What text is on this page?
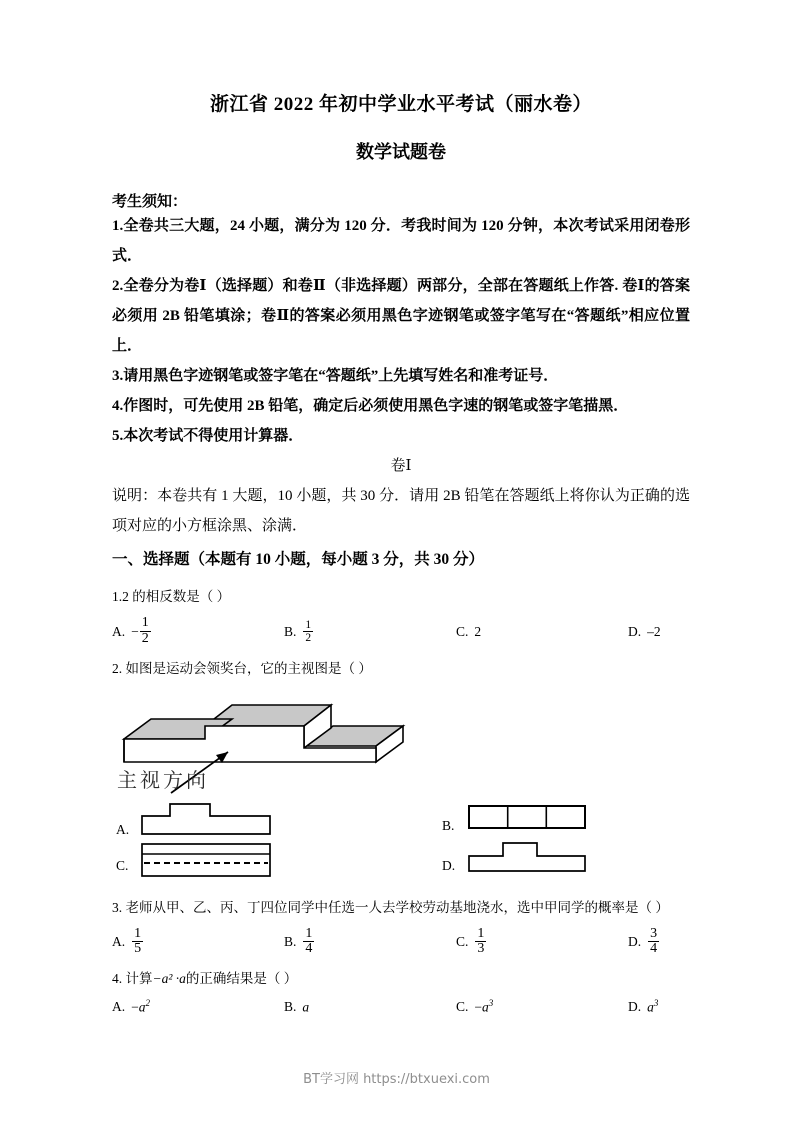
浙江省 2022 年初中学业水平考试（丽水卷）
数学试题卷
考生须知：

1.全卷共三大题，24 小题，满分为 120 分．考我时间为 120 分钟，本次考试采用闭卷形式．

2.全卷分为卷Ⅰ（选择题）和卷Ⅱ（非选择题）两部分，全部在答题纸上作答. 卷Ⅰ的答案必须用 2B 铅笔填涂；卷Ⅱ的答案必须用黑色字迹钢笔或签字笔写在“答题纸”相应位置上．

3.请用黑色字迹钢笔或签字笔在“答题纸”上先填写姓名和准考证号．

4.作图时，可先使用 2B 铅笔，确定后必须使用黑色字速的钢笔或签字笔描黑．

5.本次考试不得使用计算器．

卷Ⅰ

说明：本卷共有 1 大题，10 小题，共 30 分．请用 2B 铅笔在答题纸上将你认为正确的选项对应的小方框涂黑、涂满．

一、选择题（本题有 10 小题，每小题 3 分，共 30 分）

1.2 的相反数是（ ）

A. − $\frac{1}{2}$	B. $\frac{1}{2}$	C. 2	D. –2

2. 如图是运动会领奖台，它的主视图是（ ）

主视方向
A.	B.
C.	D.

3. 老师从甲、乙、丙、丁四位同学中任选一人去学校劳动基地浇水，选中甲同学的概率是（ ）

A. $\frac{1}{5}$	B. $\frac{1}{4}$	C. $\frac{1}{3}$	D. $\frac{3}{4}$

4. 计算−a² ·a的正确结果是（ ）

A. $-a^2$	B. a	C. $-a^3$	D. $a^3$
BT学习网 https://btxuexi.com
